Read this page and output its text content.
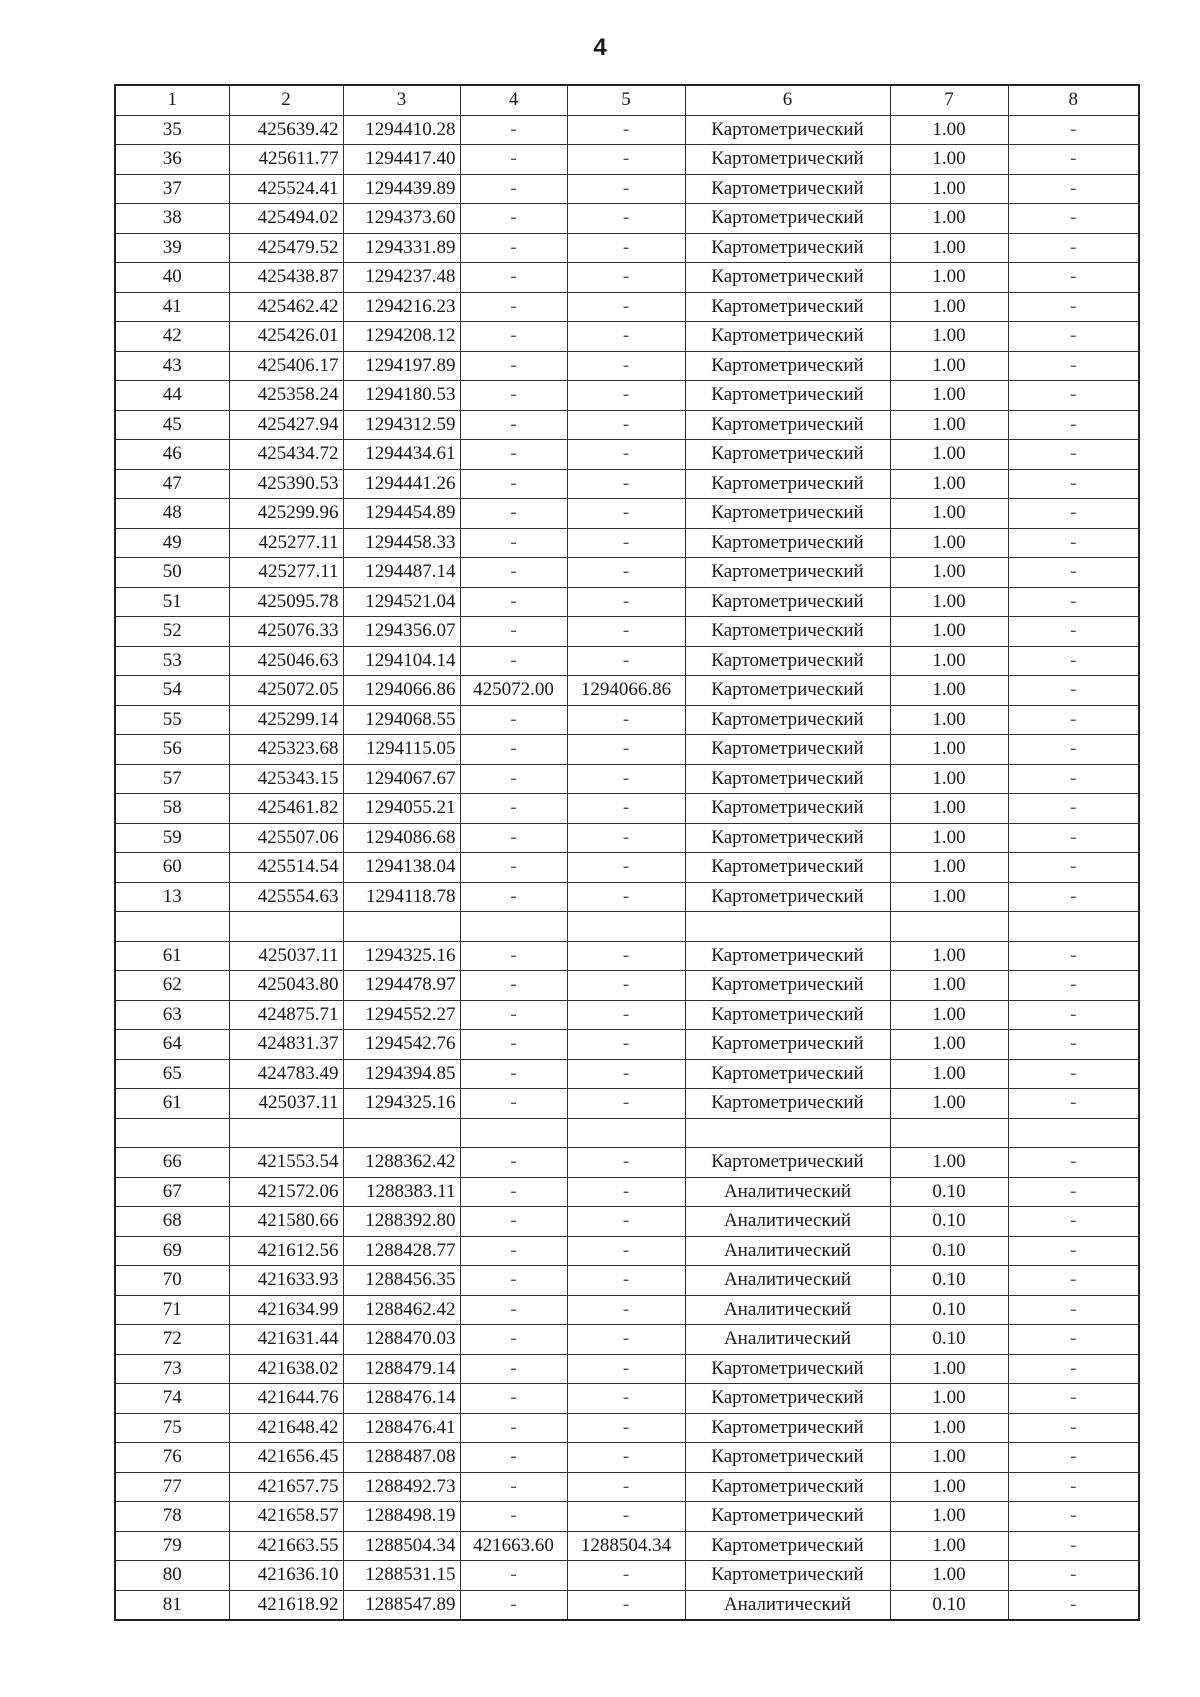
4
1	2	3	4	5	6	7	8
35	425639.42	1294410.28	-	-	Картометрический	1.00	-
36	425611.77	1294417.40	-	-	Картометрический	1.00	-
37	425524.41	1294439.89	-	-	Картометрический	1.00	-
38	425494.02	1294373.60	-	-	Картометрический	1.00	-
39	425479.52	1294331.89	-	-	Картометрический	1.00	-
40	425438.87	1294237.48	-	-	Картометрический	1.00	-
41	425462.42	1294216.23	-	-	Картометрический	1.00	-
42	425426.01	1294208.12	-	-	Картометрический	1.00	-
43	425406.17	1294197.89	-	-	Картометрический	1.00	-
44	425358.24	1294180.53	-	-	Картометрический	1.00	-
45	425427.94	1294312.59	-	-	Картометрический	1.00	-
46	425434.72	1294434.61	-	-	Картометрический	1.00	-
47	425390.53	1294441.26	-	-	Картометрический	1.00	-
48	425299.96	1294454.89	-	-	Картометрический	1.00	-
49	425277.11	1294458.33	-	-	Картометрический	1.00	-
50	425277.11	1294487.14	-	-	Картометрический	1.00	-
51	425095.78	1294521.04	-	-	Картометрический	1.00	-
52	425076.33	1294356.07	-	-	Картометрический	1.00	-
53	425046.63	1294104.14	-	-	Картометрический	1.00	-
54	425072.05	1294066.86	425072.00	1294066.86	Картометрический	1.00	-
55	425299.14	1294068.55	-	-	Картометрический	1.00	-
56	425323.68	1294115.05	-	-	Картометрический	1.00	-
57	425343.15	1294067.67	-	-	Картометрический	1.00	-
58	425461.82	1294055.21	-	-	Картометрический	1.00	-
59	425507.06	1294086.68	-	-	Картометрический	1.00	-
60	425514.54	1294138.04	-	-	Картометрический	1.00	-
13	425554.63	1294118.78	-	-	Картометрический	1.00	-

61	425037.11	1294325.16	-	-	Картометрический	1.00	-
62	425043.80	1294478.97	-	-	Картометрический	1.00	-
63	424875.71	1294552.27	-	-	Картометрический	1.00	-
64	424831.37	1294542.76	-	-	Картометрический	1.00	-
65	424783.49	1294394.85	-	-	Картометрический	1.00	-
61	425037.11	1294325.16	-	-	Картометрический	1.00	-

66	421553.54	1288362.42	-	-	Картометрический	1.00	-
67	421572.06	1288383.11	-	-	Аналитический	0.10	-
68	421580.66	1288392.80	-	-	Аналитический	0.10	-
69	421612.56	1288428.77	-	-	Аналитический	0.10	-
70	421633.93	1288456.35	-	-	Аналитический	0.10	-
71	421634.99	1288462.42	-	-	Аналитический	0.10	-
72	421631.44	1288470.03	-	-	Аналитический	0.10	-
73	421638.02	1288479.14	-	-	Картометрический	1.00	-
74	421644.76	1288476.14	-	-	Картометрический	1.00	-
75	421648.42	1288476.41	-	-	Картометрический	1.00	-
76	421656.45	1288487.08	-	-	Картометрический	1.00	-
77	421657.75	1288492.73	-	-	Картометрический	1.00	-
78	421658.57	1288498.19	-	-	Картометрический	1.00	-
79	421663.55	1288504.34	421663.60	1288504.34	Картометрический	1.00	-
80	421636.10	1288531.15	-	-	Картометрический	1.00	-
81	421618.92	1288547.89	-	-	Аналитический	0.10	-
